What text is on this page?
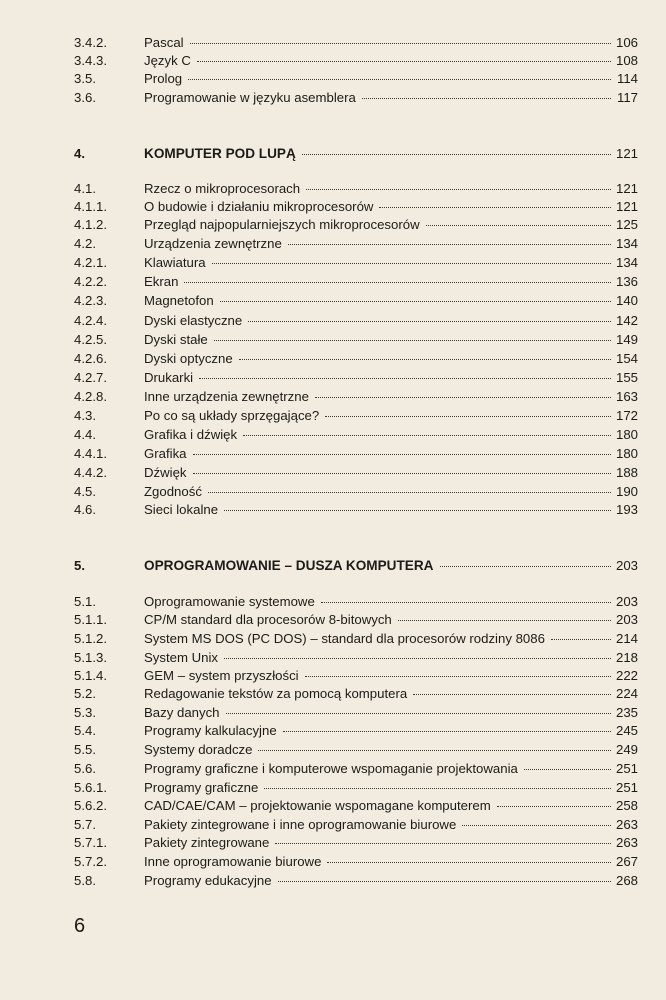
3.4.2.	Pascal	106
3.4.3.	Język C	108
3.5.	Prolog	114
3.6.	Programowanie w języku asemblera	117
4.	KOMPUTER POD LUPĄ	121
4.1.	Rzecz o mikroprocesorach	121
4.1.1.	O budowie i działaniu mikroprocesorów	121
4.1.2.	Przegląd najpopularniejszych mikroprocesorów	125
4.2.	Urządzenia zewnętrzne	134
4.2.1.	Klawiatura	134
4.2.2.	Ekran	136
4.2.3.	Magnetofon	140
4.2.4.	Dyski elastyczne	142
4.2.5.	Dyski stałe	149
4.2.6.	Dyski optyczne	154
4.2.7.	Drukarki	155
4.2.8.	Inne urządzenia zewnętrzne	163
4.3.	Po co są układy sprzęgające?	172
4.4.	Grafika i dźwięk	180
4.4.1.	Grafika	180
4.4.2.	Dźwięk	188
4.5.	Zgodność	190
4.6.	Sieci lokalne	193
5.	OPROGRAMOWANIE – DUSZA KOMPUTERA	203
5.1.	Oprogramowanie systemowe	203
5.1.1.	CP/M standard dla procesorów 8-bitowych	203
5.1.2.	System MS DOS (PC DOS) – standard dla procesorów rodziny 8086	214
5.1.3.	System Unix	218
5.1.4.	GEM – system przyszłości	222
5.2.	Redagowanie tekstów za pomocą komputera	224
5.3.	Bazy danych	235
5.4.	Programy kalkulacyjne	245
5.5.	Systemy doradcze	249
5.6.	Programy graficzne i komputerowe wspomaganie projektowania	251
5.6.1.	Programy graficzne	251
5.6.2.	CAD/CAE/CAM – projektowanie wspomagane komputerem	258
5.7.	Pakiety zintegrowane i inne oprogramowanie biurowe	263
5.7.1.	Pakiety zintegrowane	263
5.7.2.	Inne oprogramowanie biurowe	267
5.8.	Programy edukacyjne	268
6
